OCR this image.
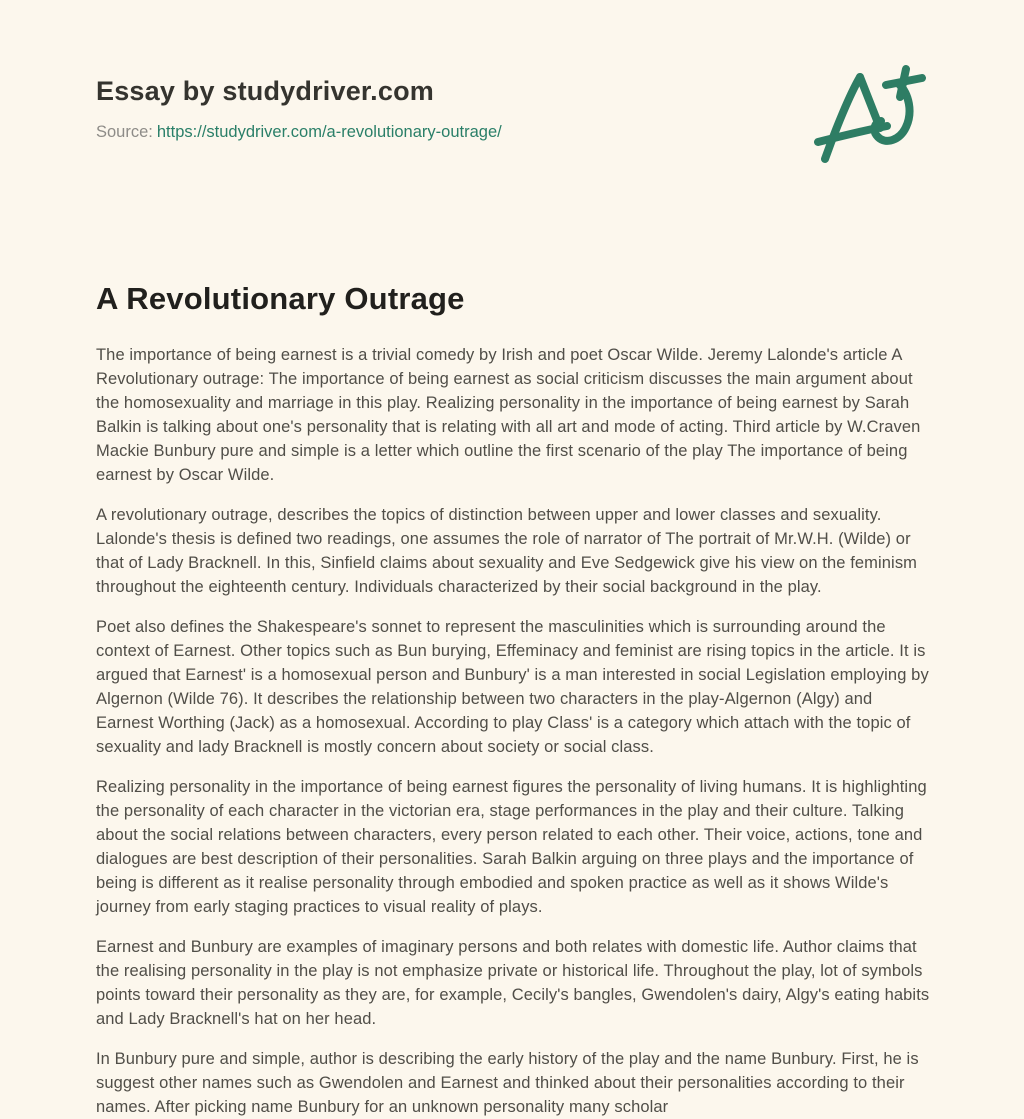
Essay by studydriver.com
Source: https://studydriver.com/a-revolutionary-outrage/
A Revolutionary Outrage

The importance of being earnest is a trivial comedy by Irish and poet Oscar Wilde. Jeremy Lalonde's article A Revolutionary outrage: The importance of being earnest as social criticism discusses the main argument about the homosexuality and marriage in this play. Realizing personality in the importance of being earnest by Sarah Balkin is talking about one's personality that is relating with all art and mode of acting. Third article by W.Craven Mackie Bunbury pure and simple is a letter which outline the first scenario of the play The importance of being earnest by Oscar Wilde.

A revolutionary outrage, describes the topics of distinction between upper and lower classes and sexuality. Lalonde's thesis is defined two readings, one assumes the role of narrator of The portrait of Mr.W.H. (Wilde) or that of Lady Bracknell. In this, Sinfield claims about sexuality and Eve Sedgewick give his view on the feminism throughout the eighteenth century. Individuals characterized by their social background in the play.

Poet also defines the Shakespeare's sonnet to represent the masculinities which is surrounding around the context of Earnest. Other topics such as Bun burying, Effeminacy and feminist are rising topics in the article. It is argued that Earnest' is a homosexual person and Bunbury' is a man interested in social Legislation employing by Algernon (Wilde 76). It describes the relationship between two characters in the play-Algernon (Algy) and Earnest Worthing (Jack) as a homosexual. According to play Class' is a category which attach with the topic of sexuality and lady Bracknell is mostly concern about society or social class.

Realizing personality in the importance of being earnest figures the personality of living humans. It is highlighting the personality of each character in the victorian era, stage performances in the play and their culture. Talking about the social relations between characters, every person related to each other. Their voice, actions, tone and dialogues are best description of their personalities. Sarah Balkin arguing on three plays and the importance of being is different as it realise personality through embodied and spoken practice as well as it shows Wilde's journey from early staging practices to visual reality of plays.

Earnest and Bunbury are examples of imaginary persons and both relates with domestic life. Author claims that the realising personality in the play is not emphasize private or historical life. Throughout the play, lot of symbols points toward their personality as they are, for example, Cecily's bangles, Gwendolen's dairy, Algy's eating habits and Lady Bracknell's hat on her head.

In Bunbury pure and simple, author is describing the early history of the play and the name Bunbury. First, he is suggest other names such as Gwendolen and Earnest and thinked about their personalities according to their names. After picking name Bunbury for an unknown personality many scholar
